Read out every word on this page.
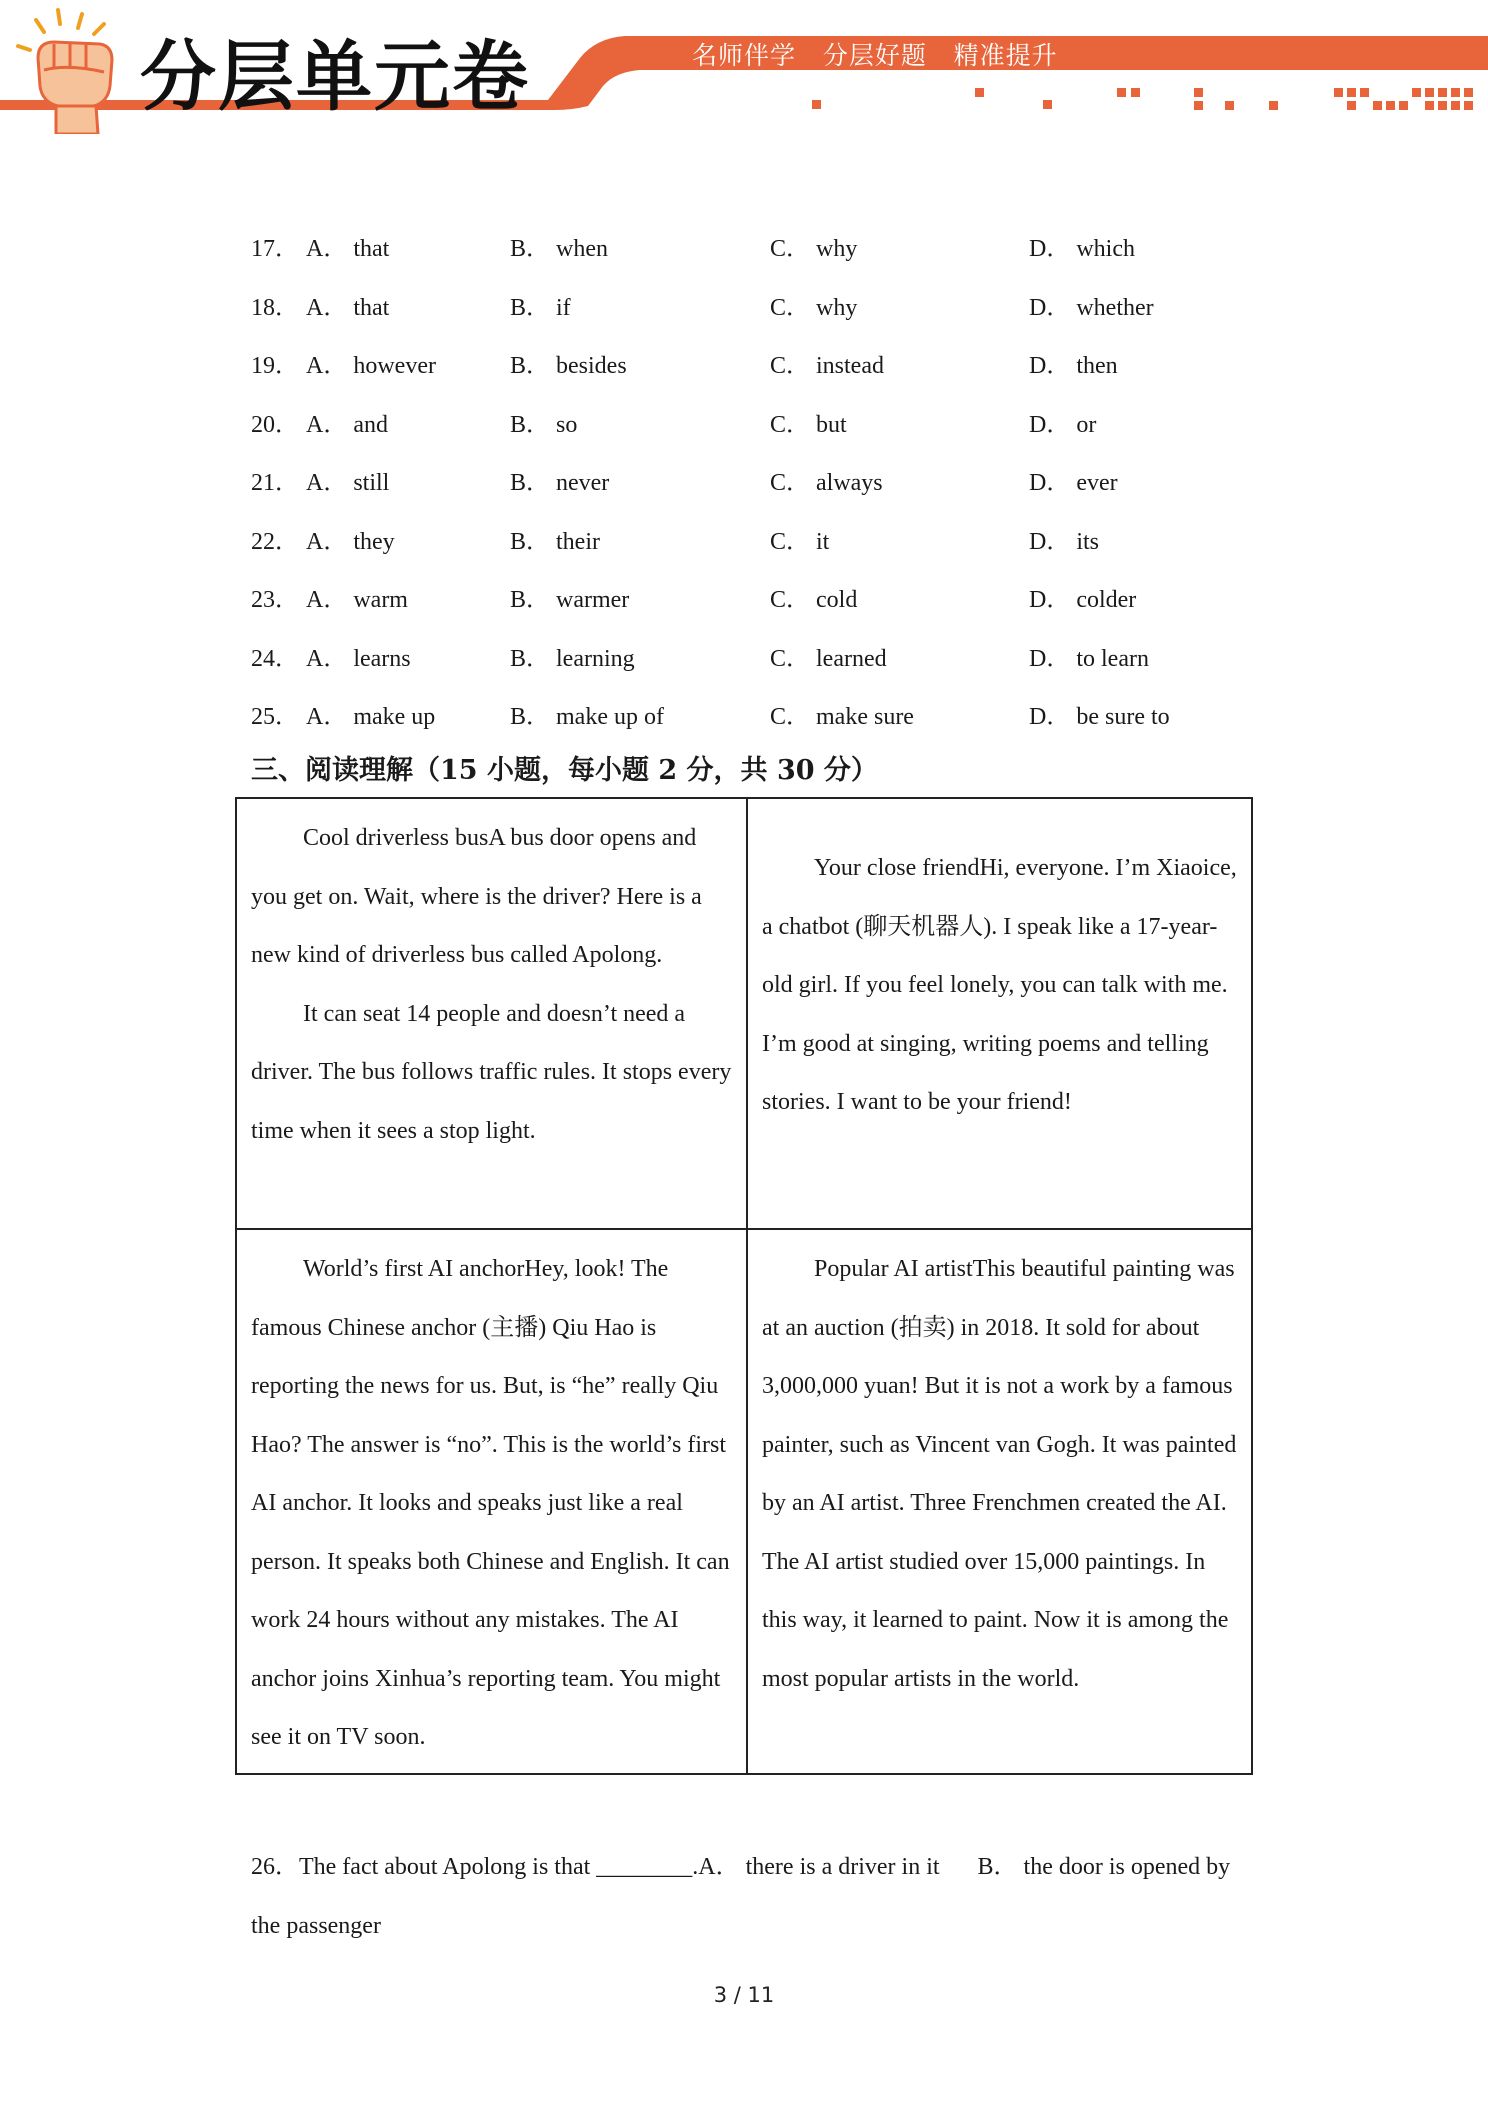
分层单元卷	名师伴学   分层好题   精准提升
17． A． that	B． when	C． why	D． which
18． A． that	B． if	C． why	D． whether
19． A． however	B． besides	C． instead	D． then
20． A． and	B． so	C． but	D． or
21． A． still	B． never	C． always	D． ever
22． A． they	B． their	C． it	D． its
23． A． warm	B． warmer	C． cold	D． colder
24． A． learns	B． learning	C． learned	D． to learn
25． A． make up	B． make up of	C． make sure	D． be sure to
三、阅读理解（15 小题，每小题 2 分，共 30 分）

Cool driverless busA bus door opens and you get on. Wait, where is the driver? Here is a new kind of driverless bus called Apolong.

It can seat 14 people and doesn’t need a driver. The bus follows traffic rules. It stops every time when it sees a stop light.

Your close friendHi, everyone. I’m Xiaoice, a chatbot (聊天机器人). I speak like a 17-year-old girl. If you feel lonely, you can talk with me. I’m good at singing, writing poems and telling stories. I want to be your friend!

World’s first AI anchorHey, look! The famous Chinese anchor (主播) Qiu Hao is reporting the news for us. But, is “he” really Qiu Hao? The answer is “no”. This is the world’s first AI anchor. It looks and speaks just like a real person. It speaks both Chinese and English. It can work 24 hours without any mistakes. The AI anchor joins Xinhua’s reporting team. You might see it on TV soon.

Popular AI artistThis beautiful painting was at an auction (拍卖) in 2018. It sold for about 3,000,000 yuan! But it is not a work by a famous painter, such as Vincent van Gogh. It was painted by an AI artist. Three Frenchmen created the AI. The AI artist studied over 15,000 paintings. In this way, it learned to paint. Now it is among the most popular artists in the world.

26．The fact about Apolong is that ________.A． there is a driver in it B． the door is opened by the passenger
3 / 11
